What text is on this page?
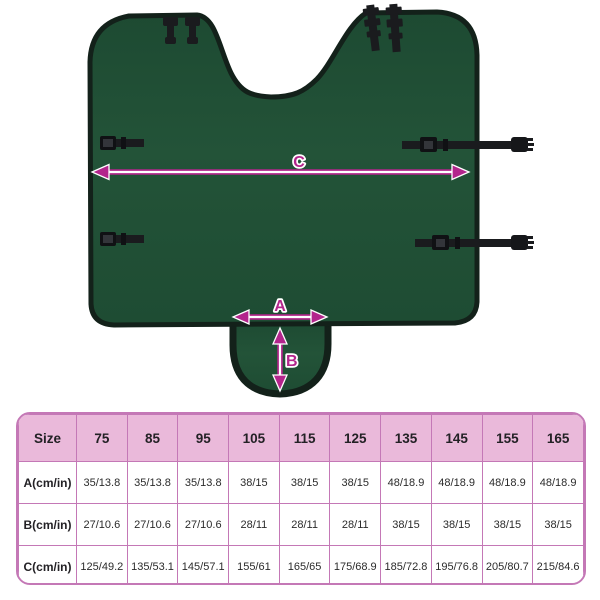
C
A
B
Size	75	85	95	105	115	125	135	145	155	165
A(cm/in)	35/13.8	35/13.8	35/13.8	38/15	38/15	38/15	48/18.9	48/18.9	48/18.9	48/18.9
B(cm/in)	27/10.6	27/10.6	27/10.6	28/11	28/11	28/11	38/15	38/15	38/15	38/15
C(cm/in)	125/49.2	135/53.1	145/57.1	155/61	165/65	175/68.9	185/72.8	195/76.8	205/80.7	215/84.6
